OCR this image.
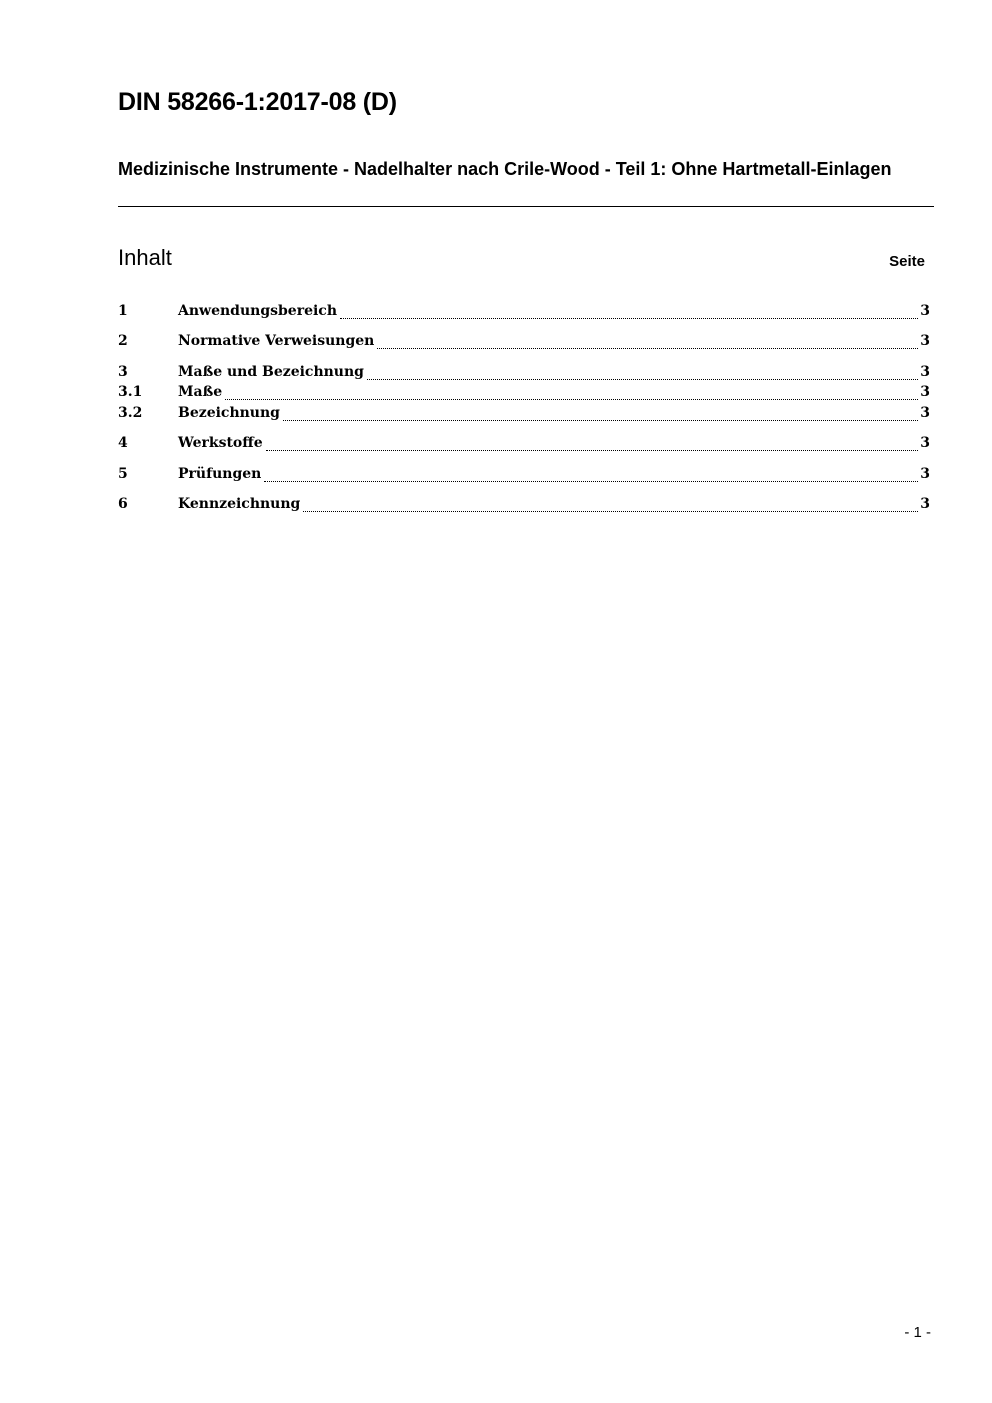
DIN 58266-1:2017-08 (D)
Medizinische Instrumente - Nadelhalter nach Crile-Wood - Teil 1: Ohne Hartmetall-Einlagen
Inhalt	Seite
1	Anwendungsbereich	3
2	Normative Verweisungen	3
3	Maße und Bezeichnung	3
3.1	Maße	3
3.2	Bezeichnung	3
4	Werkstoffe	3
5	Prüfungen	3
6	Kennzeichnung	3
- 1 -
